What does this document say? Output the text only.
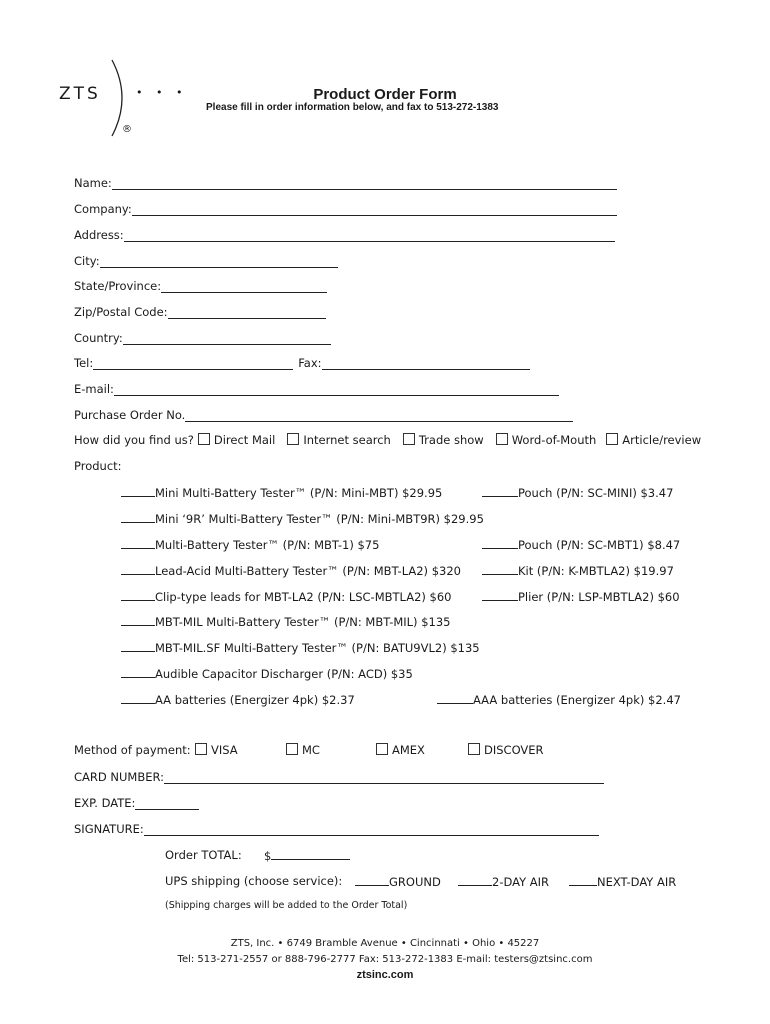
ZTS	• • •
®
Product Order Form
Please fill in order information below, and fax to 513-272-1383
Name:
Company:
Address:
City:
State/Province:
Zip/Postal Code:
Country:
Tel:	Fax:
E-mail:
Purchase Order No.
How did you find us? Direct Mail Internet search Trade show Word-of-Mouth Article/review
Product:
Mini Multi-Battery Tester™ (P/N: Mini-MBT) $29.95	Pouch (P/N: SC-MINI) $3.47
Mini ‘9R’ Multi-Battery Tester™ (P/N: Mini-MBT9R) $29.95
Multi-Battery Tester™ (P/N: MBT-1) $75	Pouch (P/N: SC-MBT1) $8.47
Lead-Acid Multi-Battery Tester™ (P/N: MBT-LA2) $320	Kit (P/N: K-MBTLA2) $19.97
Clip-type leads for MBT-LA2 (P/N: LSC-MBTLA2) $60	Plier (P/N: LSP-MBTLA2) $60
MBT-MIL Multi-Battery Tester™ (P/N: MBT-MIL) $135
MBT-MIL.SF Multi-Battery Tester™ (P/N: BATU9VL2) $135
Audible Capacitor Discharger (P/N: ACD) $35
AA batteries (Energizer 4pk) $2.37	AAA batteries (Energizer 4pk) $2.47
Method of payment:	VISA	MC	AMEX	DISCOVER
CARD NUMBER:
EXP. DATE:
SIGNATURE:
Order TOTAL: $
UPS shipping (choose service):	GROUND	2-DAY AIR	NEXT-DAY AIR
(Shipping charges will be added to the Order Total)
ZTS, Inc. • 6749 Bramble Avenue • Cincinnati • Ohio • 45227
Tel: 513-271-2557 or 888-796-2777 Fax: 513-272-1383 E-mail: testers@ztsinc.com
ztsinc.com
